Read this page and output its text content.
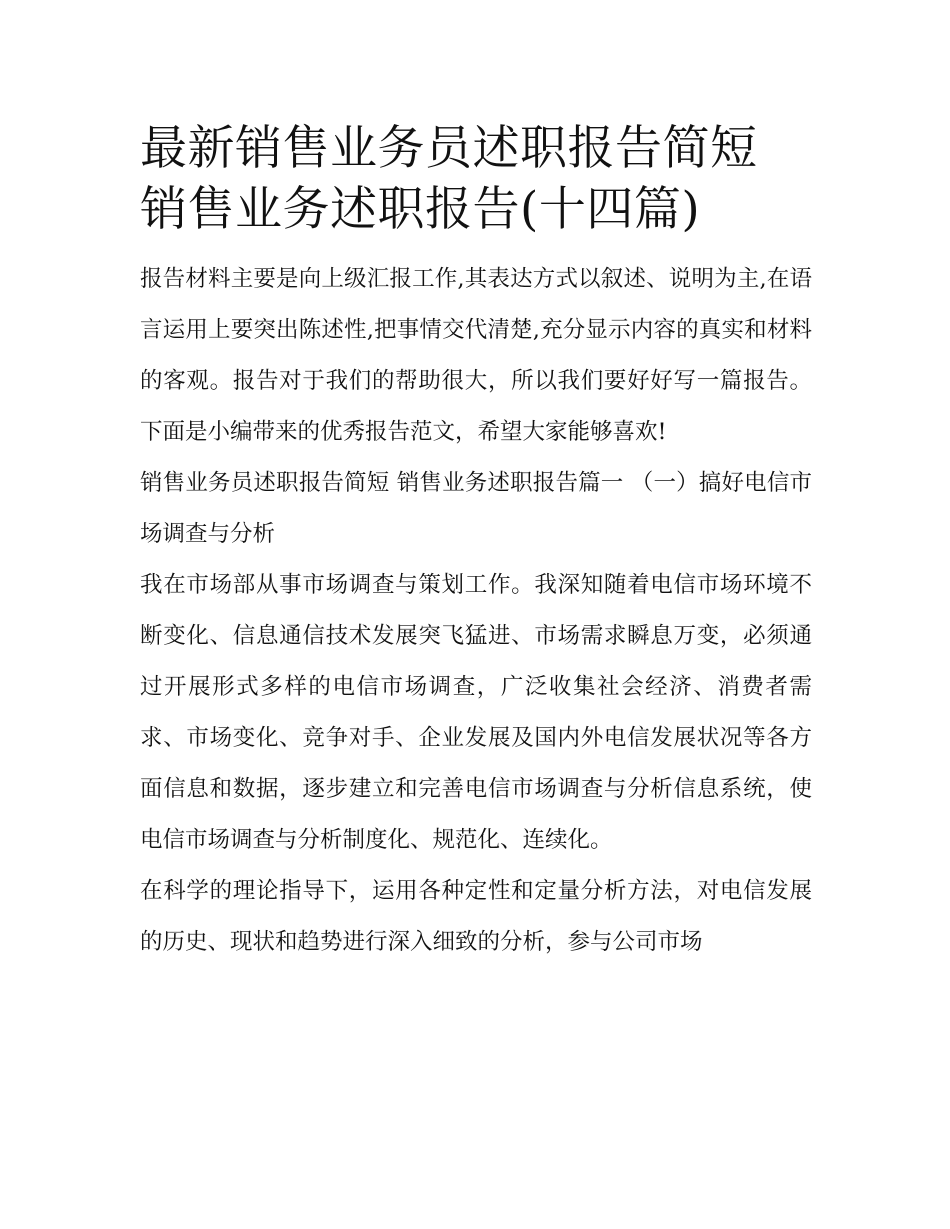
最新销售业务员述职报告简短
销售业务述职报告(十四篇)

报告材料主要是向上级汇报工作,其表达方式以叙述、说明为主,在语言运用上要突出陈述性,把事情交代清楚,充分显示内容的真实和材料的客观。报告对于我们的帮助很大，所以我们要好好写一篇报告。下面是小编带来的优秀报告范文，希望大家能够喜欢!

销售业务员述职报告简短 销售业务述职报告篇一 （一）搞好电信市场调查与分析

我在市场部从事市场调查与策划工作。我深知随着电信市场环境不断变化、信息通信技术发展突飞猛进、市场需求瞬息万变，必须通过开展形式多样的电信市场调查，广泛收集社会经济、消费者需求、市场变化、竞争对手、企业发展及国内外电信发展状况等各方面信息和数据，逐步建立和完善电信市场调查与分析信息系统，使电信市场调查与分析制度化、规范化、连续化。

在科学的理论指导下，运用各种定性和定量分析方法，对电信发展的历史、现状和趋势进行深入细致的分析，参与公司市场
